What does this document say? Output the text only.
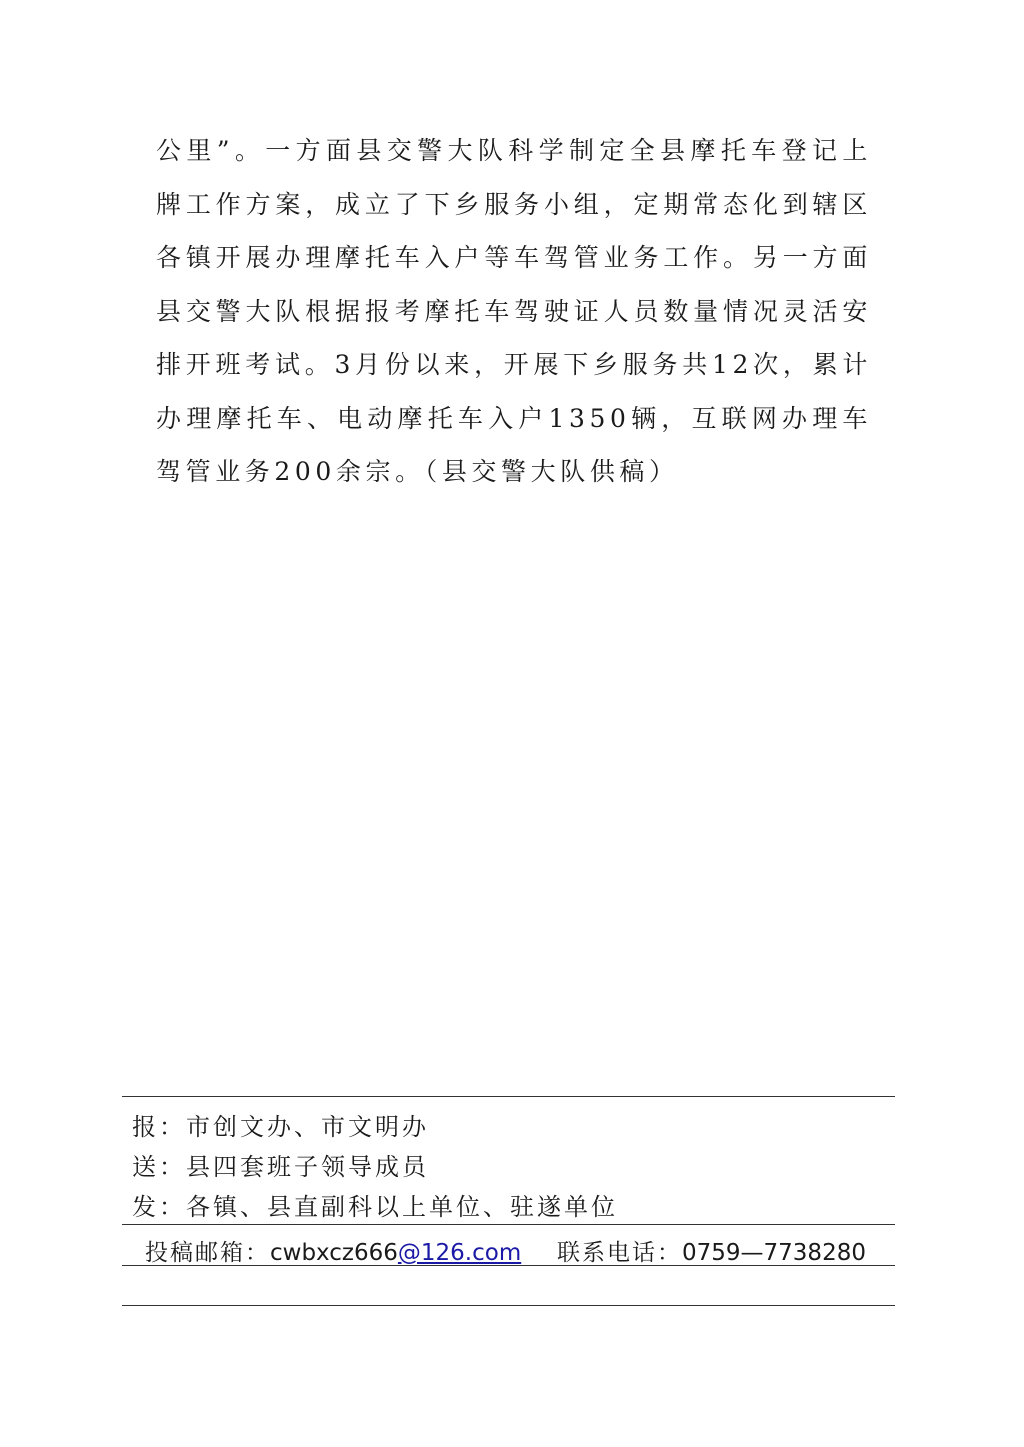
公里”。一方面县交警大队科学制定全县摩托车登记上牌工作方案，成立了下乡服务小组，定期常态化到辖区各镇开展办理摩托车入户等车驾管业务工作。另一方面县交警大队根据报考摩托车驾驶证人员数量情况灵活安排开班考试。3月份以来，开展下乡服务共12次，累计办理摩托车、电动摩托车入户1350辆，互联网办理车驾管业务200余宗。（县交警大队供稿）

报：市创文办、市文明办
送：县四套班子领导成员
发：各镇、县直副科以上单位、驻遂单位
投稿邮箱：cwbxcz666@126.com 联系电话：0759—7738280
